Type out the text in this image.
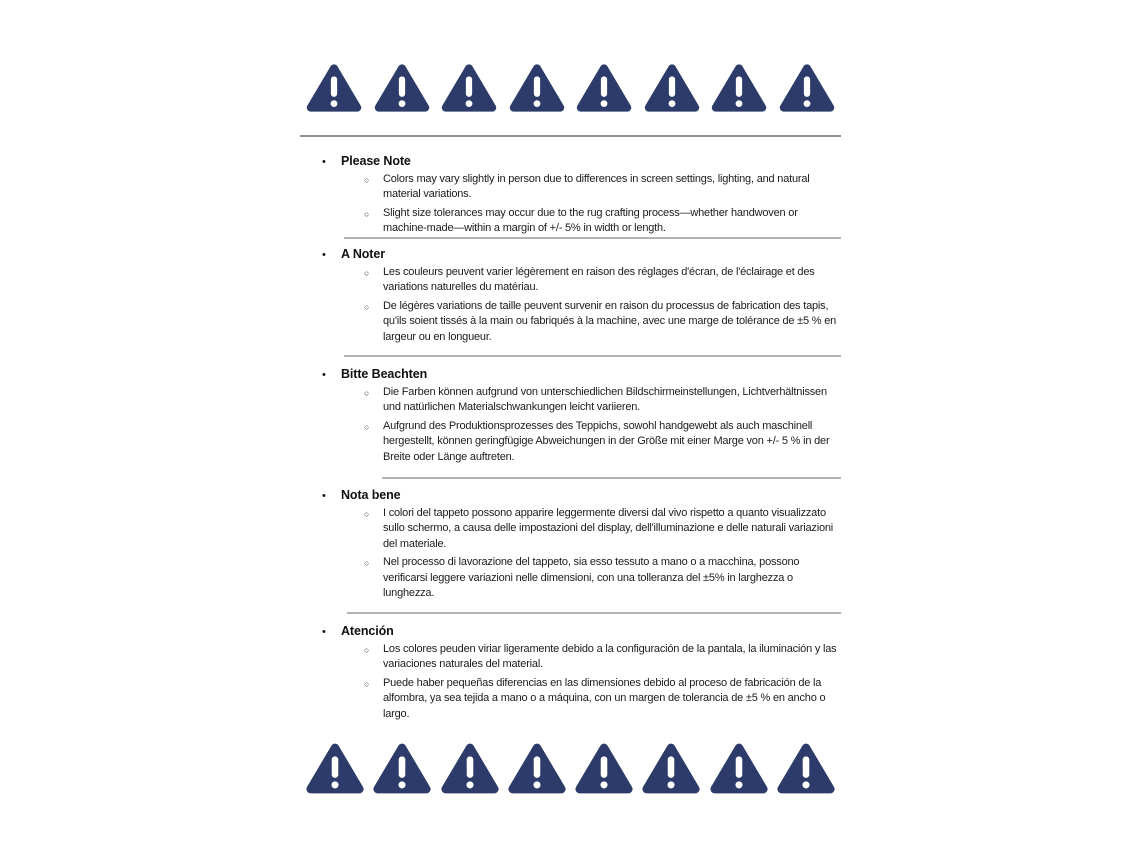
•	Please Note
○	Colors may vary slightly in person due to differences in screen settings, lighting, and natural material variations.

○	Slight size tolerances may occur due to the rug crafting process—whether handwoven or machine-made—within a margin of +/- 5% in width or length.

•	A Noter
○	Les couleurs peuvent varier légèrement en raison des réglages d'écran, de l'éclairage et des variations naturelles du matériau.

○	De légères variations de taille peuvent survenir en raison du processus de fabrication des tapis, qu'ils soient tissés à la main ou fabriqués à la machine, avec une marge de tolérance de ±5 % en largeur ou en longueur.

•	Bitte Beachten
○	Die Farben können aufgrund von unterschiedlichen Bildschirmeinstellungen, Lichtverhältnissen und natürlichen Materialschwankungen leicht variieren.

○	Aufgrund des Produktionsprozesses des Teppichs, sowohl handgewebt als auch maschinell hergestellt, können geringfügige Abweichungen in der Größe mit einer Marge von +/- 5 % in der Breite oder Länge auftreten.

•	Nota bene
○	I colori del tappeto possono apparire leggermente diversi dal vivo rispetto a quanto visualizzato sullo schermo, a causa delle impostazioni del display, dell'illuminazione e delle naturali variazioni del materiale.

○	Nel processo di lavorazione del tappeto, sia esso tessuto a mano o a macchina, possono verificarsi leggere variazioni nelle dimensioni, con una tolleranza del ±5% in larghezza o lunghezza.

•	Atención
○	Los colores peuden viriar ligeramente debido a la configuración de la pantala, la iluminación y las variaciones naturales del material.

○	Puede haber pequeñas diferencias en las dimensiones debido al proceso de fabricación de la alfombra, ya sea tejida a mano o a máquina, con un margen de tolerancia de ±5 % en ancho o largo.
